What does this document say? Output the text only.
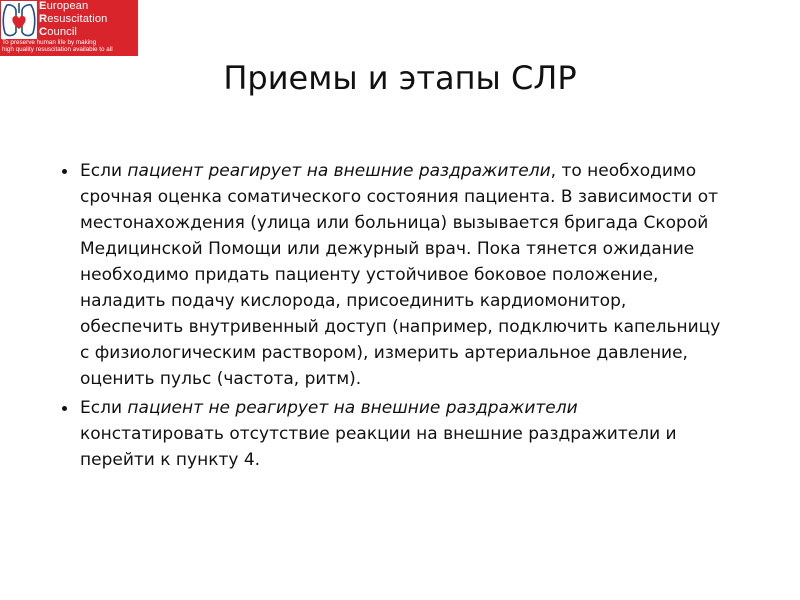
European
Resuscitation
Council
To preserve human life by making
high quality resuscitation available to all
Приемы и этапы СЛР
Если пациент реагирует на внешние раздражители, то необходимо
срочная оценка соматического состояния пациента. В зависимости от
местонахождения (улица или больница) вызывается бригада Скорой
Медицинской Помощи или дежурный врач. Пока тянется ожидание
необходимо придать пациенту устойчивое боковое положение,
наладить подачу кислорода, присоединить кардиомонитор,
обеспечить внутривенный доступ (например, подключить капельницу
с физиологическим раствором), измерить артериальное давление,
оценить пульс (частота, ритм).
Если пациент не реагирует на внешние раздражители
констатировать отсутствие реакции на внешние раздражители и
перейти к пункту 4.
